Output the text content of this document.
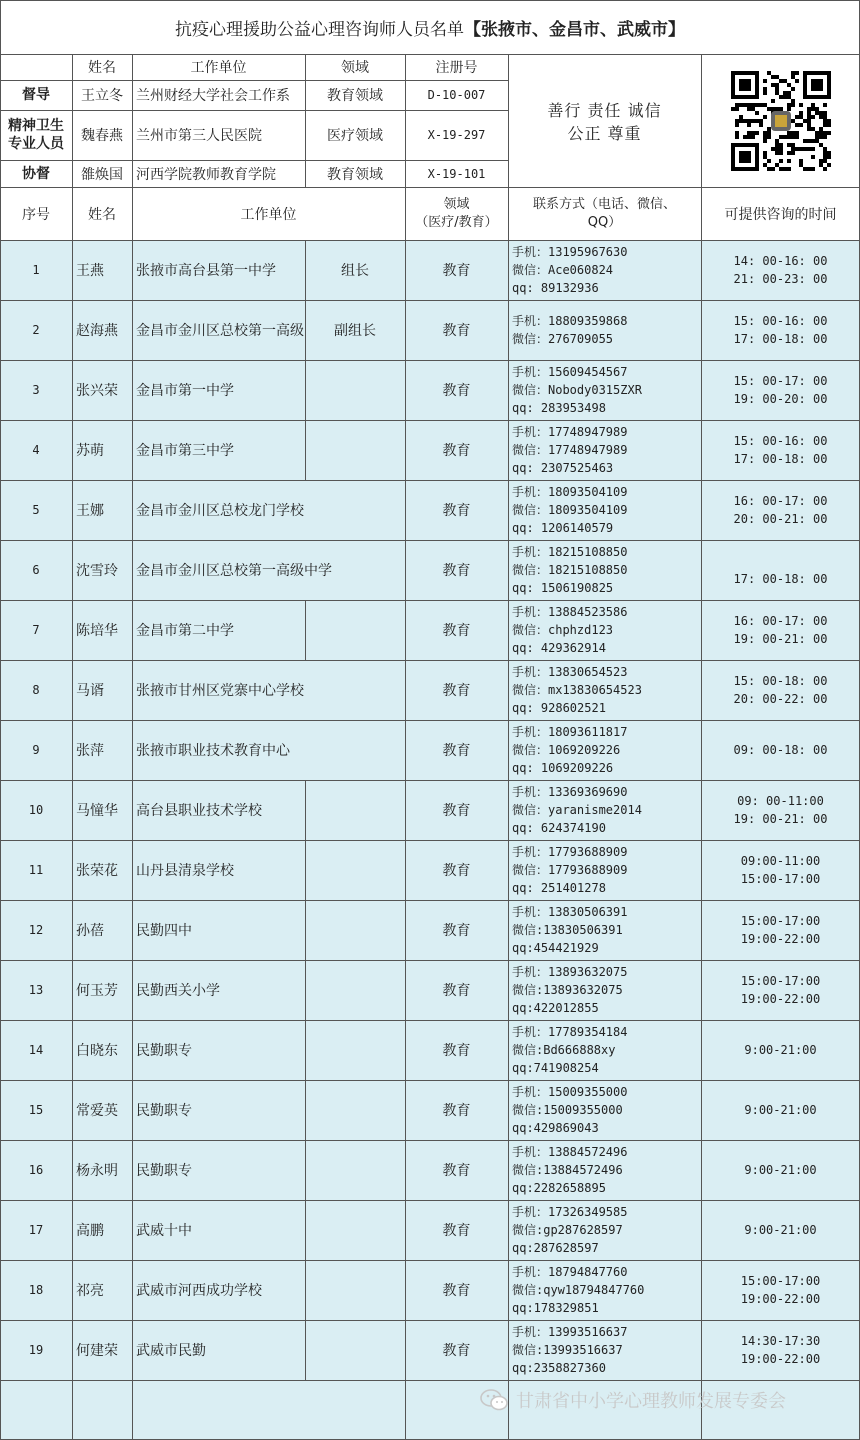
抗疫心理援助公益心理咨询师人员名单 【张掖市、金昌市、武威市】
姓名	工作单位	领域	注册号
督导	王立冬 兰州财经大学社会工作系	教育领域	D-10-007
精神卫生
专业人员	魏春燕 兰州市第三人民医院	医疗领域	X-19-297
协督	雒焕国 河西学院教师教育学院	教育领域	X-19-101
善行 责任 诚信
公正 尊重
序号	姓名	工作单位
领域
（医疗/教育）
联系方式（电话、微信、
QQ）	可提供咨询的时间
1	王燕	张掖市高台县第一中学	组长	教育
手机：13195967630
微信：Ace060824
qq: 89132936
14: 00-16: 00
21: 00-23: 00
2	赵海燕	金昌市金川区总校第一高级	副组长	教育
手机：18809359868
微信：276709055
15: 00-16: 00
17: 00-18: 00
3	张兴荣	金昌市第一中学	教育
手机：15609454567
微信：Nobody0315ZXR
qq: 283953498
15: 00-17: 00
19: 00-20: 00
4	苏萌	金昌市第三中学	教育
手机：17748947989
微信：17748947989
qq: 2307525463
15: 00-16: 00
17: 00-18: 00
5	王娜	金昌市金川区总校龙门学校	教育
手机：18093504109
微信：18093504109
qq: 1206140579
16: 00-17: 00
20: 00-21: 00
6	沈雪玲	金昌市金川区总校第一高级中学	教育
手机：18215108850
微信：18215108850
qq: 1506190825

17: 00-18: 00
7	陈培华	金昌市第二中学	教育
手机：13884523586
微信：chphzd123
qq: 429362914
16: 00-17: 00
19: 00-21: 00
8	马谞	张掖市甘州区党寨中心学校	教育
手机：13830654523
微信：mx13830654523
qq: 928602521
15: 00-18: 00
20: 00-22: 00
9	张萍	张掖市职业技术教育中心	教育
手机：18093611817
微信：1069209226
qq: 1069209226
09: 00-18: 00
10	马憧华	高台县职业技术学校	教育
手机：13369369690
微信：yaranisme2014
qq: 624374190
09: 00-11:00
19: 00-21: 00
11	张荣花	山丹县清泉学校	教育
手机：17793688909
微信：17793688909
qq: 251401278
09:00-11:00
15:00-17:00
12	孙蓓	民勤四中	教育
手机：13830506391
微信:13830506391
qq:454421929
15:00-17:00
19:00-22:00
13	何玉芳	民勤西关小学	教育
手机：13893632075
微信:13893632075
qq:422012855
15:00-17:00
19:00-22:00
14	白晓东	民勤职专	教育
手机：17789354184
微信:Bd666888xy
qq:741908254
9:00-21:00
15	常爱英	民勤职专	教育
手机：15009355000
微信:15009355000
qq:429869043
9:00-21:00
16	杨永明	民勤职专	教育
手机：13884572496
微信:13884572496
qq:2282658895
9:00-21:00
17	高鹏	武威十中	教育
手机：17326349585
微信:gp287628597
qq:287628597
9:00-21:00
18	祁亮	武威市河西成功学校	教育
手机：18794847760
微信:qyw18794847760
qq:178329851
15:00-17:00
19:00-22:00
19	何建荣	武威市民勤	教育
手机：13993516637
微信:13993516637
qq:2358827360
14:30-17:30
19:00-22:00
甘肃省中小学心理教师发展专委会
